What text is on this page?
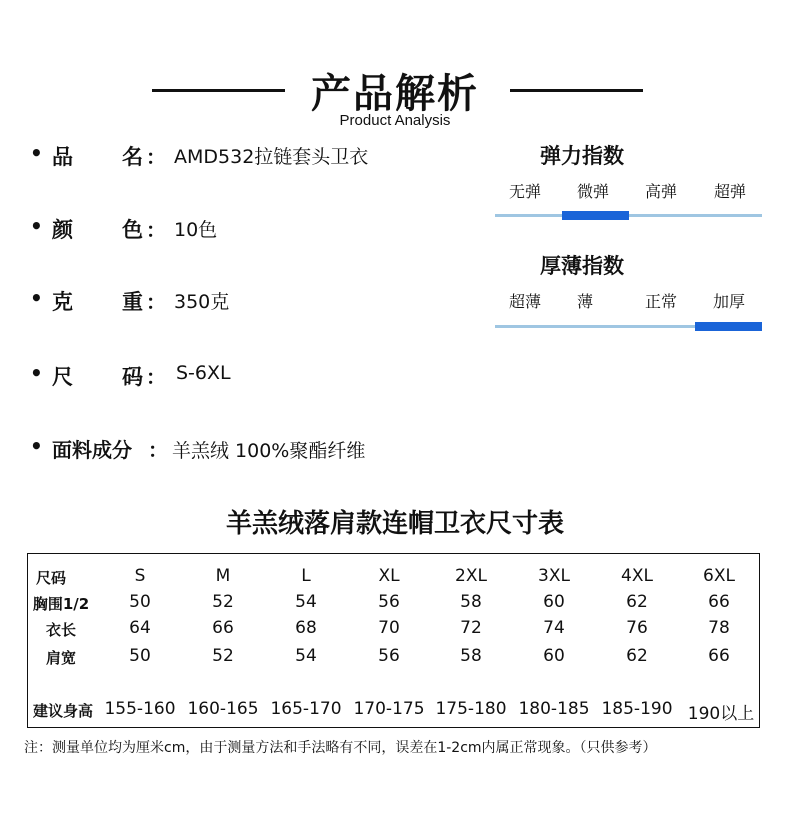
产品解析
Product Analysis
• 品 名 ： AMD532拉链套头卫衣
• 颜 色 ： 10色
• 克 重 ： 350克
• 尺 码 ： S-6XL
• 面料成分 ： 羊羔绒 100%聚酯纤维
弹力指数
无弹	微弹	高弹	超弹
厚薄指数
超薄	薄	正常	加厚
羊羔绒落肩款连帽卫衣尺寸表
尺码	S	M	L	XL	2XL	3XL	4XL	6XL
胸围1/2	50	52	54	56	58	60	62	66
衣长	64	66	68	70	72	74	76	78
肩宽	50	52	54	56	58	60	62	66
建议身高 155-160 160-165 165-170 170-175 175-180 180-185 185-190 190以上
注：测量单位均为厘米cm，由于测量方法和手法略有不同，误差在1-2cm内属正常现象。（只供参考）
